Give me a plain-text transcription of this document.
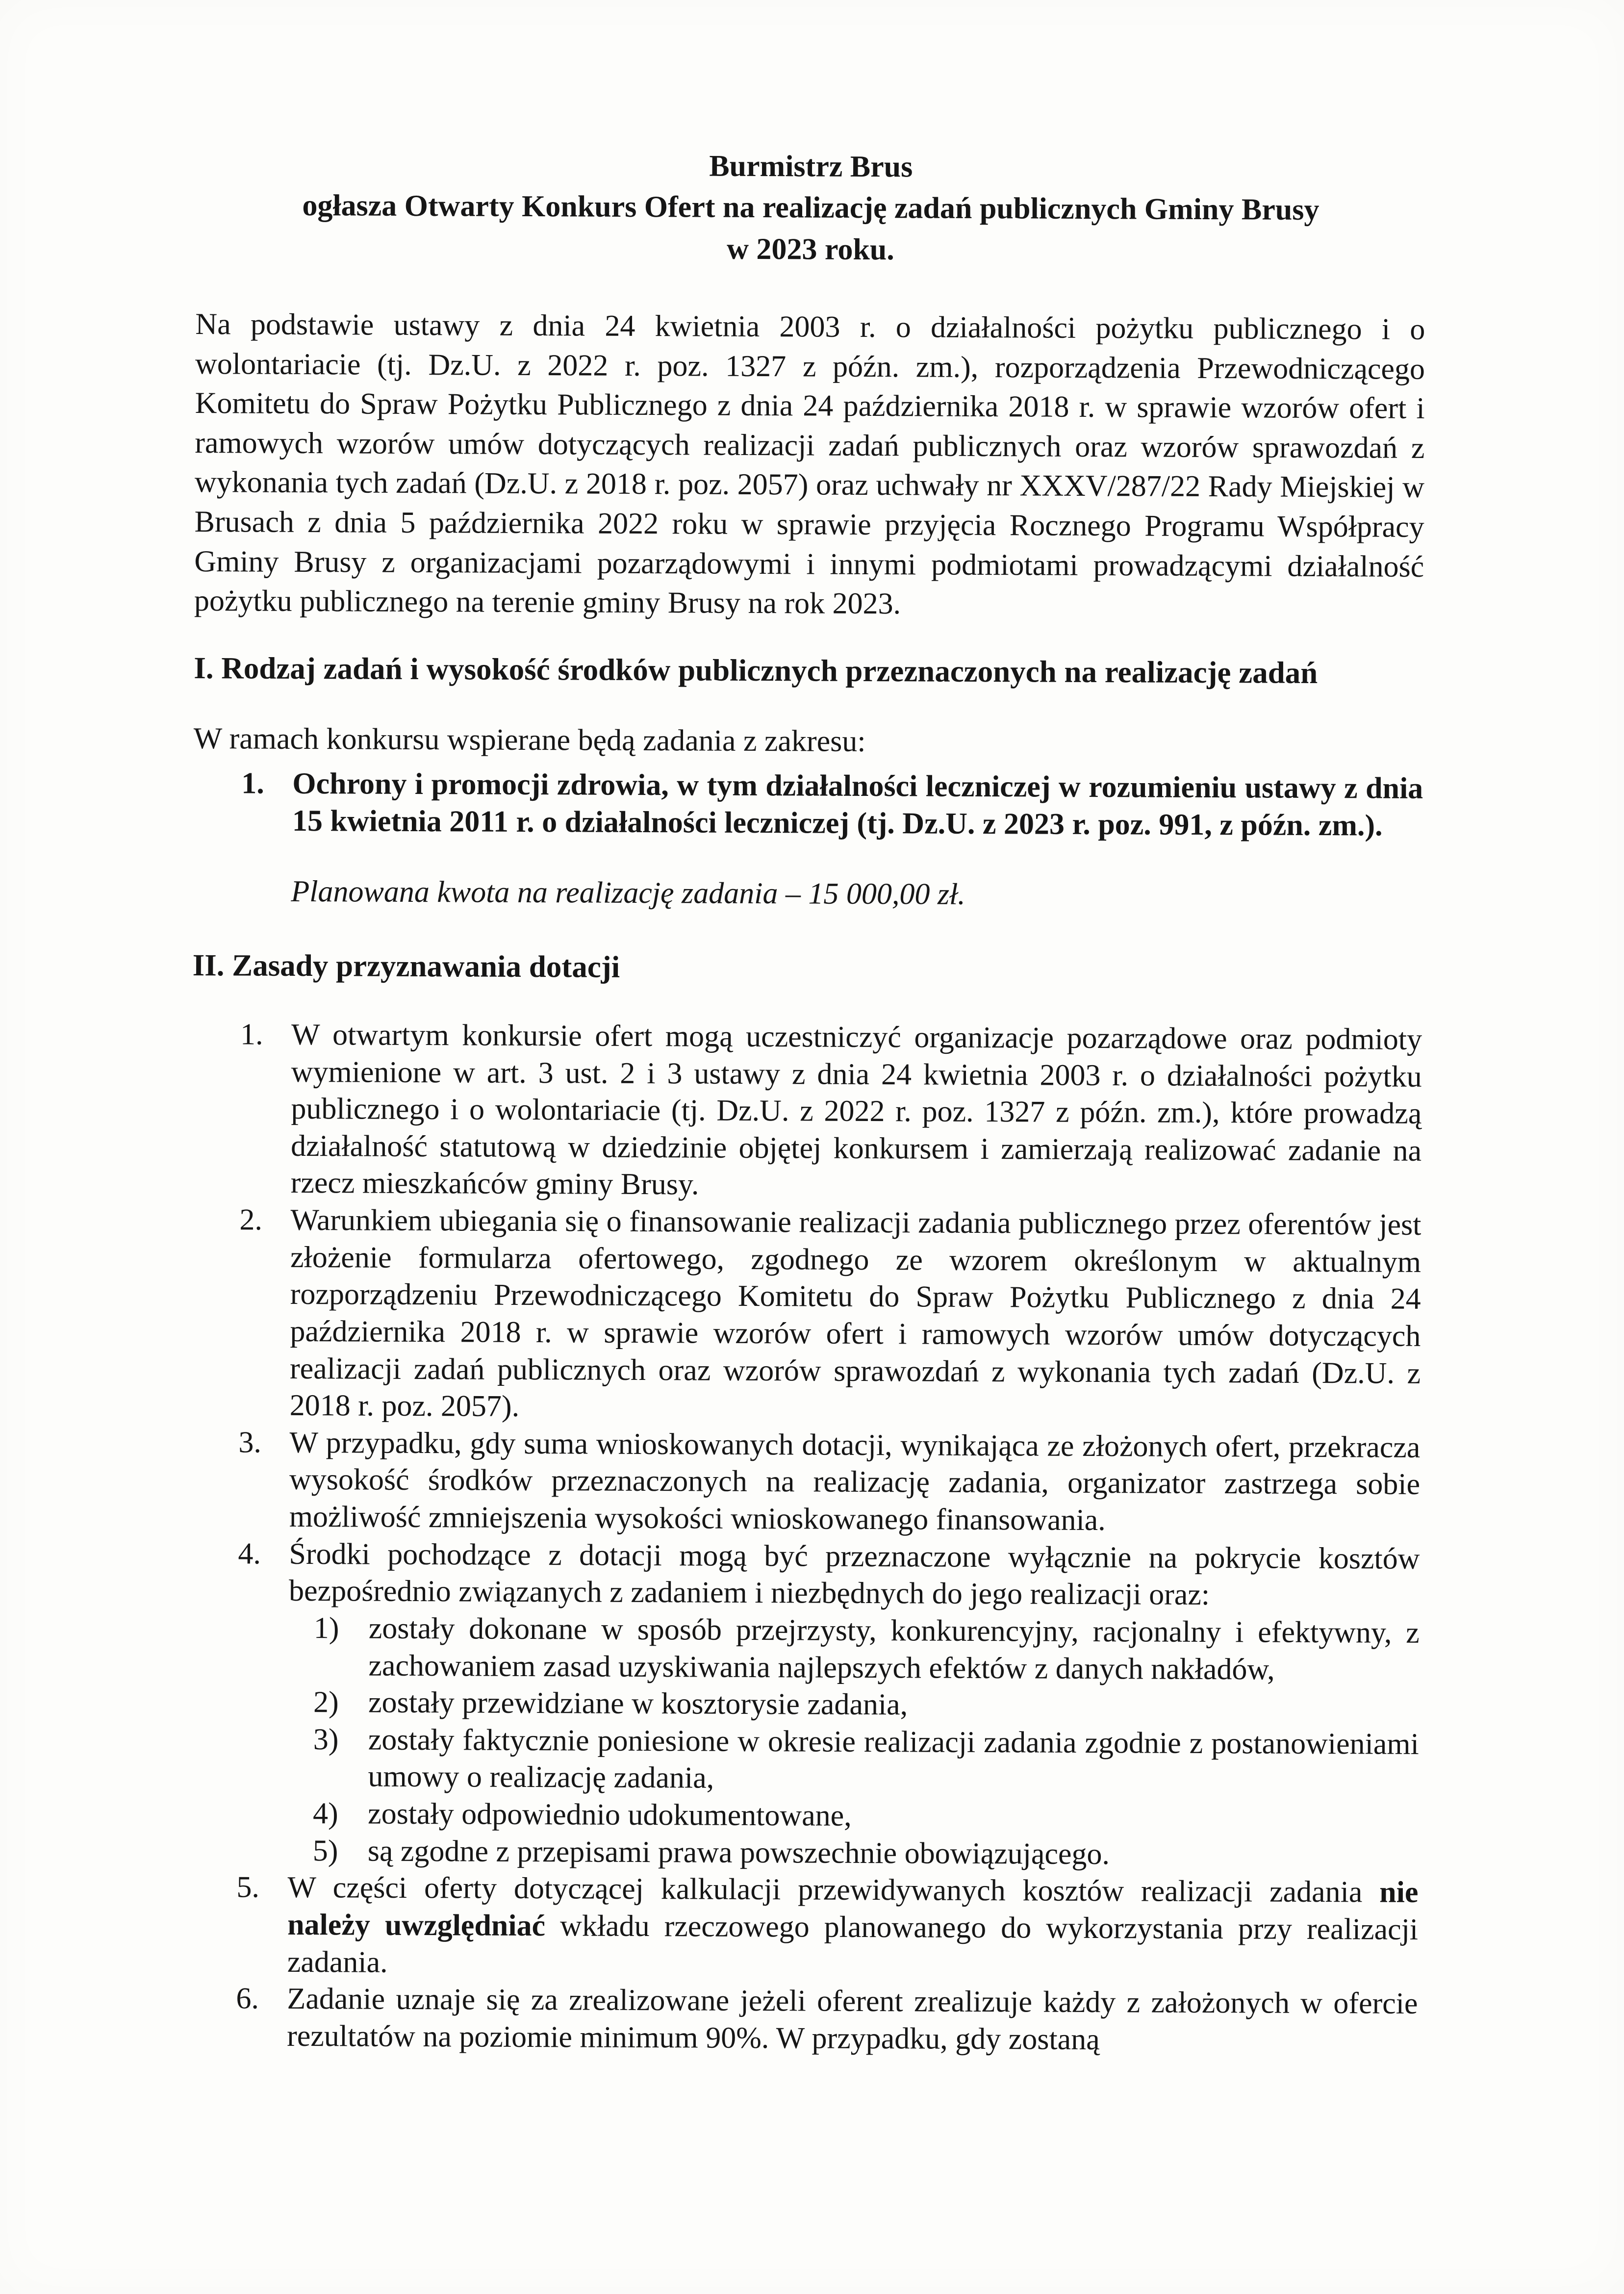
Burmistrz Brus

ogłasza Otwarty Konkurs Ofert na realizację zadań publicznych Gminy Brusy

w 2023 roku.

Na podstawie ustawy z dnia 24 kwietnia 2003 r. o działalności pożytku publicznego i o wolontariacie (tj. Dz.U. z 2022 r. poz. 1327 z późn. zm.), rozporządzenia Przewodniczącego Komitetu do Spraw Pożytku Publicznego z dnia 24 października 2018 r. w sprawie wzorów ofert i ramowych wzorów umów dotyczących realizacji zadań publicznych oraz wzorów sprawozdań z wykonania tych zadań (Dz.U. z 2018 r. poz. 2057) oraz uchwały nr XXXV/287/22 Rady Miejskiej w Brusach z dnia 5 października 2022 roku w sprawie przyjęcia Rocznego Programu Współpracy Gminy Brusy z organizacjami pozarządowymi i innymi podmiotami prowadzącymi działalność pożytku publicznego na terenie gminy Brusy na rok 2023.

I. Rodzaj zadań i wysokość środków publicznych przeznaczonych na realizację zadań

W ramach konkursu wspierane będą zadania z zakresu:

1. Ochrony i promocji zdrowia, w tym działalności leczniczej w rozumieniu ustawy z dnia 15 kwietnia 2011 r. o działalności leczniczej (tj. Dz.U. z 2023 r. poz. 991, z późn. zm.).

Planowana kwota na realizację zadania – 15 000,00 zł.

II. Zasady przyznawania dotacji
1. W otwartym konkursie ofert mogą uczestniczyć organizacje pozarządowe oraz podmioty wymienione w art. 3 ust. 2 i 3 ustawy z dnia 24 kwietnia 2003 r. o działalności pożytku publicznego i o wolontariacie (tj. Dz.U. z 2022 r. poz. 1327 z późn. zm.), które prowadzą działalność statutową w dziedzinie objętej konkursem i zamierzają realizować zadanie na rzecz mieszkańców gminy Brusy.
2. Warunkiem ubiegania się o finansowanie realizacji zadania publicznego przez oferentów jest złożenie formularza ofertowego, zgodnego ze wzorem określonym w aktualnym rozporządzeniu Przewodniczącego Komitetu do Spraw Pożytku Publicznego z dnia 24 października 2018 r. w sprawie wzorów ofert i ramowych wzorów umów dotyczących realizacji zadań publicznych oraz wzorów sprawozdań z wykonania tych zadań (Dz.U. z 2018 r. poz. 2057).
3. W przypadku, gdy suma wnioskowanych dotacji, wynikająca ze złożonych ofert, przekracza wysokość środków przeznaczonych na realizację zadania, organizator zastrzega sobie możliwość zmniejszenia wysokości wnioskowanego finansowania.
4. Środki pochodzące z dotacji mogą być przeznaczone wyłącznie na pokrycie kosztów bezpośrednio związanych z zadaniem i niezbędnych do jego realizacji oraz:
1) zostały dokonane w sposób przejrzysty, konkurencyjny, racjonalny i efektywny, z zachowaniem zasad uzyskiwania najlepszych efektów z danych nakładów,
2) zostały przewidziane w kosztorysie zadania,
3) zostały faktycznie poniesione w okresie realizacji zadania zgodnie z postanowieniami umowy o realizację zadania,
4) zostały odpowiednio udokumentowane,
5) są zgodne z przepisami prawa powszechnie obowiązującego.
5. W części oferty dotyczącej kalkulacji przewidywanych kosztów realizacji zadania nie należy uwzględniać wkładu rzeczowego planowanego do wykorzystania przy realizacji zadania.
6. Zadanie uznaje się za zrealizowane jeżeli oferent zrealizuje każdy z założonych w ofercie rezultatów na poziomie minimum 90%. W przypadku, gdy zostaną
